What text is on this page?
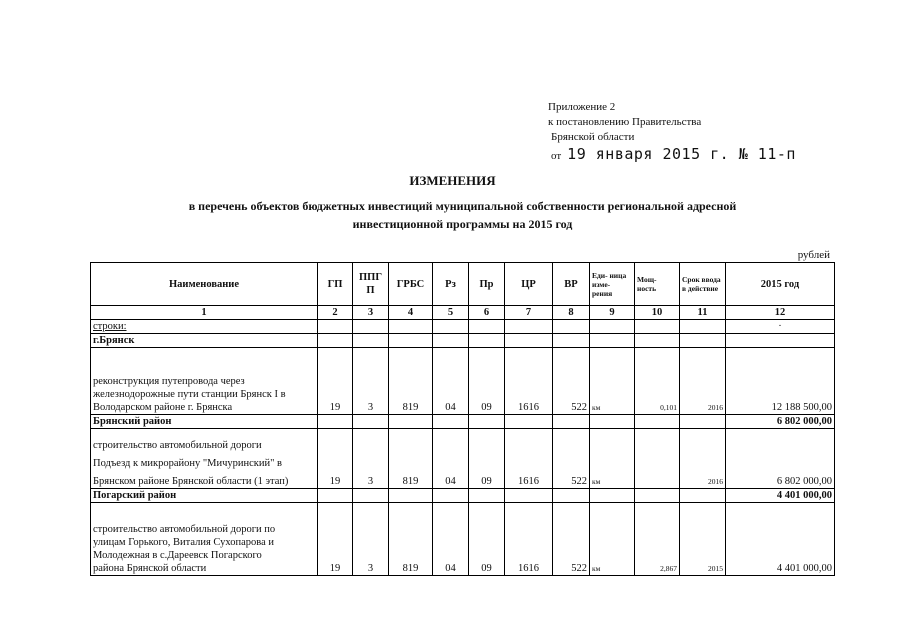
Приложение 2
к постановлению Правительства
Брянской области
от 19 января 2015 г. № 11-п
ИЗМЕНЕНИЯ
в перечень объектов бюджетных инвестиций муниципальной собственности региональной адресной
инвестиционной программы на 2015 год
рублей
Наименование	ГП	ППГ П	ГРБС	Рз	Пр	ЦР	ВР	Еди- ница изме- рения	Мощ- ность	Срок ввода в действие	2015 год
1	2	3	4	5	6	7	8	9	10	11	12
строки:											·
г.Брянск											

реконструкция путепровода через
железнодорожные пути станции Брянск I в
Володарском районе г. Брянска	19	3	819	04	09	1616	522	км	0,101	2016	12 188 500,00
Брянский район											6 802 000,00

строительство автомобильной дороги
Подъезд к микрорайону "Мичуринский" в
Брянском районе Брянской области (1 этап)	19	3	819	04	09	1616	522	км		2016	6 802 000,00
Погарский район											4 401 000,00

строительство автомобильной дороги по
улицам Горького, Виталия Сухопарова и
Молодежная в с.Дареевск Погарского
района Брянской области	19	3	819	04	09	1616	522	км	2,867	2015	4 401 000,00
